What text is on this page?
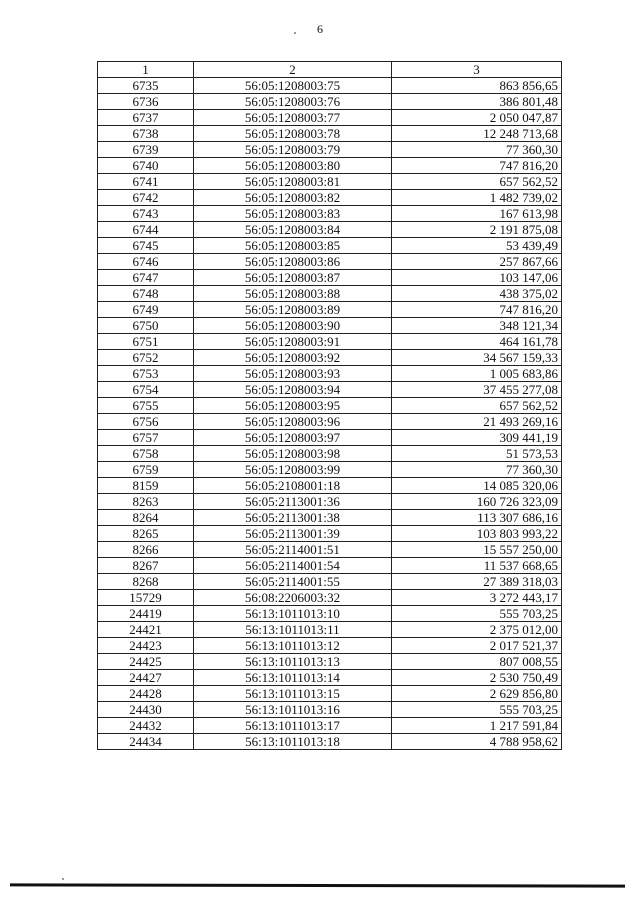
6
1	2	3
6735	56:05:1208003:75	863 856,65
6736	56:05:1208003:76	386 801,48
6737	56:05:1208003:77	2 050 047,87
6738	56:05:1208003:78	12 248 713,68
6739	56:05:1208003:79	77 360,30
6740	56:05:1208003:80	747 816,20
6741	56:05:1208003:81	657 562,52
6742	56:05:1208003:82	1 482 739,02
6743	56:05:1208003:83	167 613,98
6744	56:05:1208003:84	2 191 875,08
6745	56:05:1208003:85	53 439,49
6746	56:05:1208003:86	257 867,66
6747	56:05:1208003:87	103 147,06
6748	56:05:1208003:88	438 375,02
6749	56:05:1208003:89	747 816,20
6750	56:05:1208003:90	348 121,34
6751	56:05:1208003:91	464 161,78
6752	56:05:1208003:92	34 567 159,33
6753	56:05:1208003:93	1 005 683,86
6754	56:05:1208003:94	37 455 277,08
6755	56:05:1208003:95	657 562,52
6756	56:05:1208003:96	21 493 269,16
6757	56:05:1208003:97	309 441,19
6758	56:05:1208003:98	51 573,53
6759	56:05:1208003:99	77 360,30
8159	56:05:2108001:18	14 085 320,06
8263	56:05:2113001:36	160 726 323,09
8264	56:05:2113001:38	113 307 686,16
8265	56:05:2113001:39	103 803 993,22
8266	56:05:2114001:51	15 557 250,00
8267	56:05:2114001:54	11 537 668,65
8268	56:05:2114001:55	27 389 318,03
15729	56:08:2206003:32	3 272 443,17
24419	56:13:1011013:10	555 703,25
24421	56:13:1011013:11	2 375 012,00
24423	56:13:1011013:12	2 017 521,37
24425	56:13:1011013:13	807 008,55
24427	56:13:1011013:14	2 530 750,49
24428	56:13:1011013:15	2 629 856,80
24430	56:13:1011013:16	555 703,25
24432	56:13:1011013:17	1 217 591,84
24434	56:13:1011013:18	4 788 958,62
